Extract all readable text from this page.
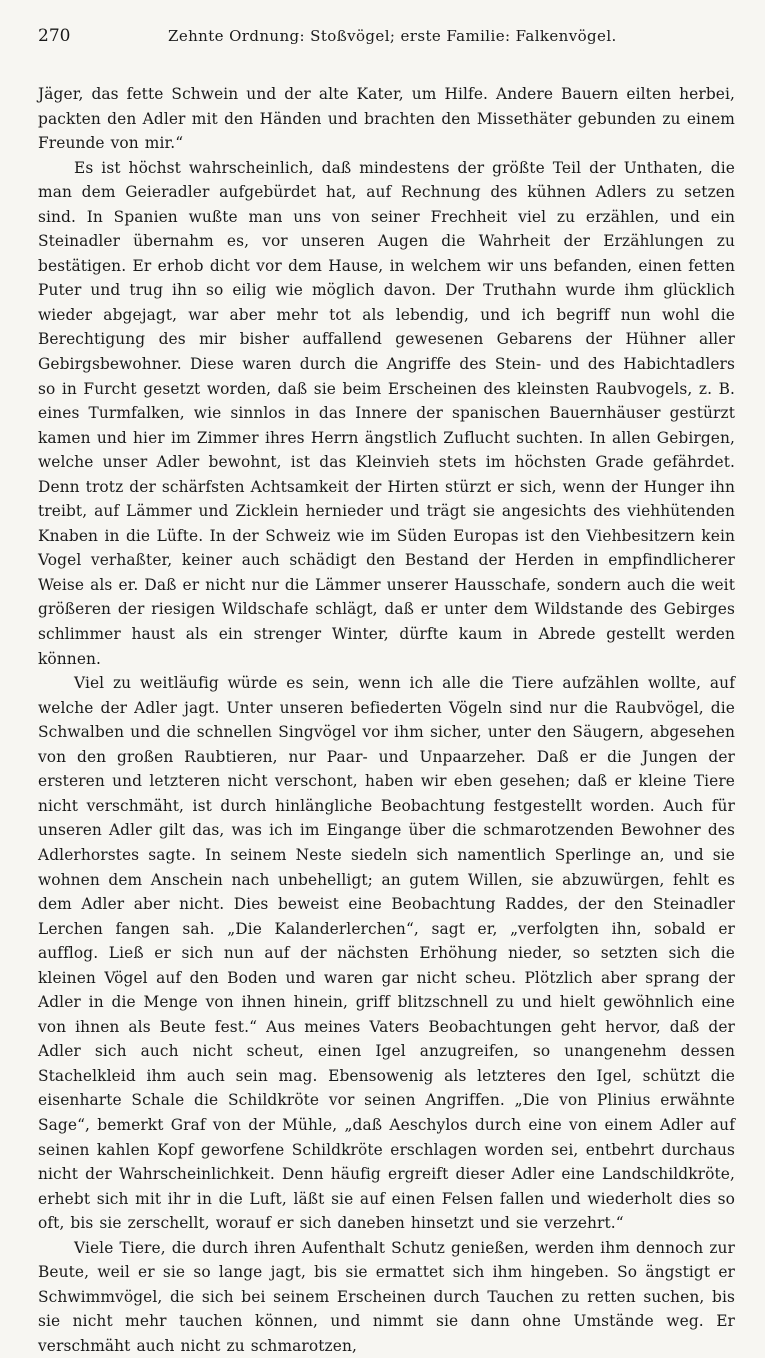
270	Zehnte Ordnung: Stoßvögel; erste Familie: Falkenvögel.

Jäger, das fette Schwein und der alte Kater, um Hilfe. Andere Bauern eilten herbei, packten den Adler mit den Händen und brachten den Missethäter gebunden zu einem Freunde von mir.“

Es ist höchst wahrscheinlich, daß mindestens der größte Teil der Unthaten, die man dem Geieradler aufgebürdet hat, auf Rechnung des kühnen Adlers zu setzen sind. In Spanien wußte man uns von seiner Frechheit viel zu erzählen, und ein Steinadler übernahm es, vor unseren Augen die Wahrheit der Erzählungen zu bestätigen. Er erhob dicht vor dem Hause, in welchem wir uns befanden, einen fetten Puter und trug ihn so eilig wie möglich davon. Der Truthahn wurde ihm glücklich wieder abgejagt, war aber mehr tot als lebendig, und ich begriff nun wohl die Berechtigung des mir bisher auffallend gewesenen Gebarens der Hühner aller Gebirgsbewohner. Diese waren durch die Angriffe des Stein- und des Habichtadlers so in Furcht gesetzt worden, daß sie beim Erscheinen des kleinsten Raubvogels, z. B. eines Turmfalken, wie sinnlos in das Innere der spanischen Bauernhäuser gestürzt kamen und hier im Zimmer ihres Herrn ängstlich Zuflucht suchten. In allen Gebirgen, welche unser Adler bewohnt, ist das Kleinvieh stets im höchsten Grade gefährdet. Denn trotz der schärfsten Achtsamkeit der Hirten stürzt er sich, wenn der Hunger ihn treibt, auf Lämmer und Zicklein hernieder und trägt sie angesichts des viehhütenden Knaben in die Lüfte. In der Schweiz wie im Süden Europas ist den Viehbesitzern kein Vogel verhaßter, keiner auch schädigt den Bestand der Herden in empfindlicherer Weise als er. Daß er nicht nur die Lämmer unserer Hausschafe, sondern auch die weit größeren der riesigen Wildschafe schlägt, daß er unter dem Wildstande des Gebirges schlimmer haust als ein strenger Winter, dürfte kaum in Abrede gestellt werden können.

Viel zu weitläufig würde es sein, wenn ich alle die Tiere aufzählen wollte, auf welche der Adler jagt. Unter unseren befiederten Vögeln sind nur die Raubvögel, die Schwalben und die schnellen Singvögel vor ihm sicher, unter den Säugern, abgesehen von den großen Raubtieren, nur Paar- und Unpaarzeher. Daß er die Jungen der ersteren und letzteren nicht verschont, haben wir eben gesehen; daß er kleine Tiere nicht verschmäht, ist durch hinlängliche Beobachtung festgestellt worden. Auch für unseren Adler gilt das, was ich im Eingange über die schmarotzenden Bewohner des Adlerhorstes sagte. In seinem Neste siedeln sich namentlich Sperlinge an, und sie wohnen dem Anschein nach unbehelligt; an gutem Willen, sie abzuwürgen, fehlt es dem Adler aber nicht. Dies beweist eine Beobachtung Raddes, der den Steinadler Lerchen fangen sah. „Die Kalanderlerchen“, sagt er, „verfolgten ihn, sobald er aufflog. Ließ er sich nun auf der nächsten Erhöhung nieder, so setzten sich die kleinen Vögel auf den Boden und waren gar nicht scheu. Plötzlich aber sprang der Adler in die Menge von ihnen hinein, griff blitzschnell zu und hielt gewöhnlich eine von ihnen als Beute fest.“ Aus meines Vaters Beobachtungen geht hervor, daß der Adler sich auch nicht scheut, einen Igel anzugreifen, so unangenehm dessen Stachelkleid ihm auch sein mag. Ebensowenig als letzteres den Igel, schützt die eisenharte Schale die Schildkröte vor seinen Angriffen. „Die von Plinius erwähnte Sage“, bemerkt Graf von der Mühle, „daß Aeschylos durch eine von einem Adler auf seinen kahlen Kopf geworfene Schildkröte erschlagen worden sei, entbehrt durchaus nicht der Wahrscheinlichkeit. Denn häufig ergreift dieser Adler eine Landschildkröte, erhebt sich mit ihr in die Luft, läßt sie auf einen Felsen fallen und wiederholt dies so oft, bis sie zerschellt, worauf er sich daneben hinsetzt und sie verzehrt.“

Viele Tiere, die durch ihren Aufenthalt Schutz genießen, werden ihm dennoch zur Beute, weil er sie so lange jagt, bis sie ermattet sich ihm hingeben. So ängstigt er Schwimmvögel, die sich bei seinem Erscheinen durch Tauchen zu retten suchen, bis sie nicht mehr tauchen können, und nimmt sie dann ohne Umstände weg. Er verschmäht auch nicht zu schmarotzen,
